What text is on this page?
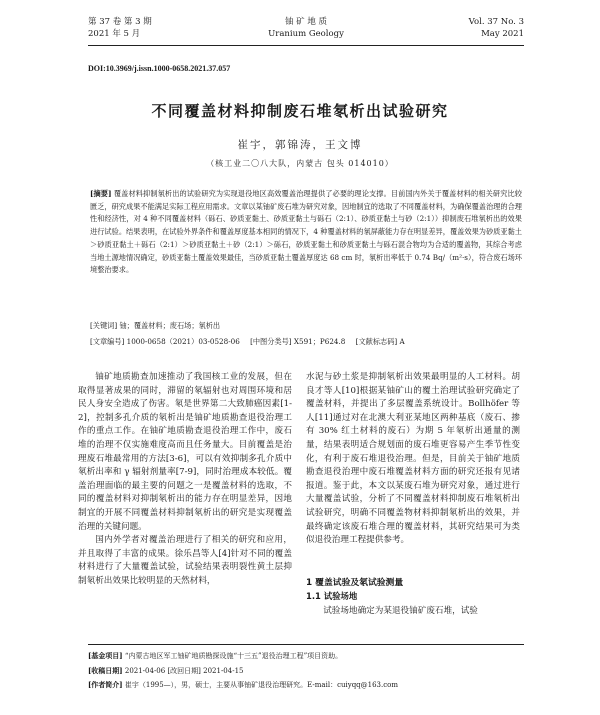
第 37 卷 第 3 期
2021 年 5 月
铀 矿 地 质
Uranium Geology
Vol. 37 No. 3
May 2021
DOI:10.3969/j.issn.1000-0658.2021.37.057
不同覆盖材料抑制废石堆氡析出试验研究
崔宇，郭锦涛，王文博
（核工业二〇八大队，内蒙古 包头 014010）
[摘要] 覆盖材料抑制氡析出的试验研究为实现退役地区高效覆盖治理提供了必要的理论支撑。目前国内外关于覆盖材料的相关研究比较匮乏，研究成果不能满足实际工程应用需求。文章以某铀矿废石堆为研究对象，因地制宜的选取了不同覆盖材料，为确保覆盖治理的合理性和经济性，对 4 种不同覆盖材料（砾石、砂质亚黏土、砂质亚黏土与砾石（2:1）、砂质亚黏土与砂（2:1））抑制废石堆氡析出的效果进行试验。结果表明，在试验外界条件和覆盖厚度基本相同的情况下，4 种覆盖材料的氡屏蔽能力存在明显差异，覆盖效果为砂质亚黏土＞砂质亚黏土＋砾石（2:1）＞砂质亚黏土＋砂（2:1）＞砾石，砂质亚黏土和砂质亚黏土与砾石混合物均为合适的覆盖物，其综合考虑当地土源地情况确定，砂质亚黏土覆盖效果最佳，当砂质亚黏土覆盖厚度达 68 cm 时，氡析出率低于 0.74 Bq/（m²·s），符合废石场环境整治要求。
[关键词] 铀；覆盖材料；废石场；氡析出
[文章编号] 1000-0658（2021）03-0528-06 [中图分类号] X591；P624.8 [文献标志码] A

铀矿地质勘查加速推动了我国核工业的发展，但在取得显著成果的同时，滞留的氡辐射也对周围环境和居民人身安全造成了伤害。氡是世界第二大致肺癌因素[1-2]，控制多孔介质的氡析出是铀矿地质勘查退役治理工作的重点工作。在铀矿地质勘查退役治理工作中，废石堆的治理不仅实施难度高而且任务量大。目前覆盖是治理废石堆最常用的方法[3-6]，可以有效抑制多孔介质中氡析出率和 γ 辐射剂量率[7-9]，同时治理成本较低。覆盖治理面临的最主要的问题之一是覆盖材料的选取，不同的覆盖材料对抑制氡析出的能力存在明显差异，因地制宜的开展不同覆盖材料抑制氡析出的研究是实现覆盖治理的关键问题。

国内外学者对覆盖治理进行了相关的研究和应用，并且取得了丰富的成果。徐乐昌等人[4]针对不同的覆盖材料进行了大量覆盖试验，试验结果表明裂性黄土层抑制氡析出效果比较明显的天然材料，

水泥与砂土浆是抑制氡析出效果最明显的人工材料。胡良才等人[10]根据某铀矿山的覆土治理试验研究确定了覆盖材料，并提出了多层覆盖系统设计。Bollhöfer 等人[11]通过对在北澳大利亚某地区两种基底（废石、掺有 30% 红土材料的废石）为期 5 年氡析出通量的测量，结果表明适合规划面的废石堆更容易产生季节性变化，有利于废石堆退役治理。但是，目前关于铀矿地质勘查退役治理中废石堆覆盖材料方面的研究还报有见诸报道。鉴于此，本文以某废石堆为研究对象，通过进行大量覆盖试验，分析了不同覆盖材料抑制废石堆氡析出试验研究，明确不同覆盖物材料抑制氡析出的效果，并最终确定该废石堆合理的覆盖材料，其研究结果可为类似退役治理工程提供参考。

1 覆盖试验及氡试验测量
1.1 试验场地
试验场地确定为某退役铀矿废石堆，试验
[基金项目] “内蒙古地区军工铀矿地质勘探设施“十三五”退役治理工程”项目资助。
[收稿日期] 2021-04-06 [改回日期] 2021-04-15
[作者简介] 崔宇（1995—），男，硕士，主要从事铀矿退役治理研究。E-mail：cuiyqq@163.com
